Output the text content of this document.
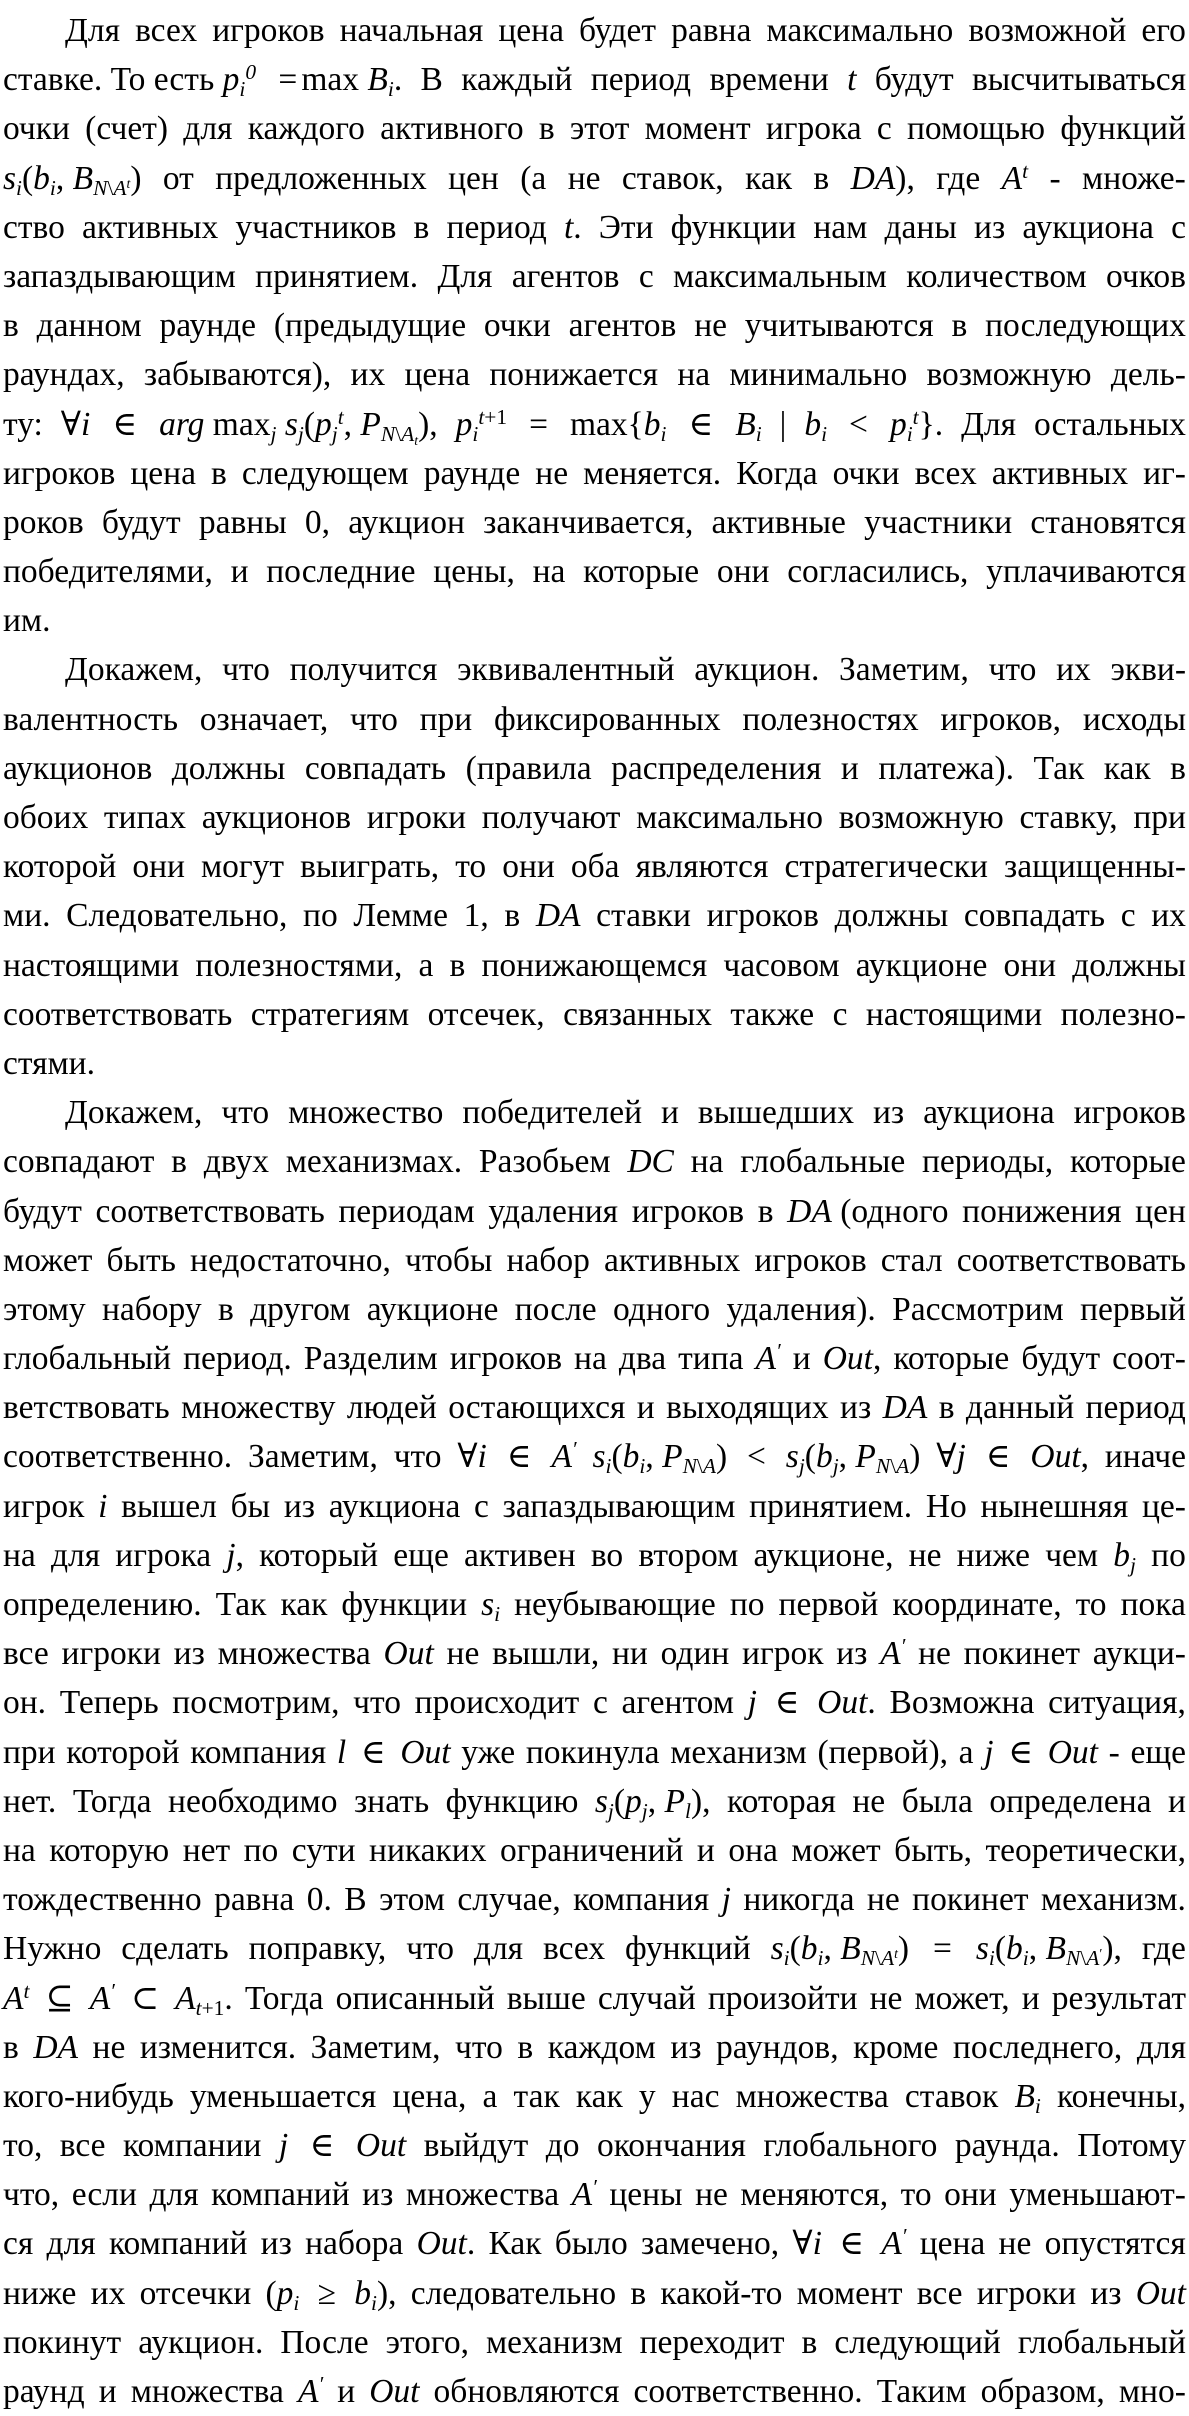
Для всех игроков начальная цена будет равна максимально возможной его
ставке. То есть $p_i^0 = \max B_i$. В каждый период времени t будут высчитываться
очки (счет) для каждого активного в этот момент игрока с помощью функций
$s_i(b_i$, $B_{N\backslash A^t}$) от предложенных цен (а не ставок, как в DA), где $A^t$ - множе-
ство активных участников в период t. Эти функции нам даны из аукциона с
запаздывающим принятием. Для агентов с максимальным количеством очков
в данном раунде (предыдущие очки агентов не учитываются в последующих
раундах, забываются), их цена понижается на минимально возможную дель-
ту: ∀i ∈ arg $\max_j s_j(p_j^t$, $P_{N\backslash A_t}$), $p_i^{t+1} = \max\{b_i$ ∈ $B_i$ | $b_i < p_i^t$}. Для остальных
игроков цена в следующем раунде не меняется. Когда очки всех активных иг-
роков будут равны 0, аукцион заканчивается, активные участники становятся
победителями, и последние цены, на которые они согласились, уплачиваются
им.
Докажем, что получится эквивалентный аукцион. Заметим, что их экви-
валентность означает, что при фиксированных полезностях игроков, исходы
аукционов должны совпадать (правила распределения и платежа). Так как в
обоих типах аукционов игроки получают максимально возможную ставку, при
которой они могут выиграть, то они оба являются стратегически защищенны-
ми. Следовательно, по Лемме 1, в DA ставки игроков должны совпадать с их
настоящими полезностями, а в понижающемся часовом аукционе они должны
соответствовать стратегиям отсечек, связанных также с настоящими полезно-
стями.
Докажем, что множество победителей и вышедших из аукциона игроков
совпадают в двух механизмах. Разобьем DC на глобальные периоды, которые
будут соответствовать периодам удаления игроков в DA (одного понижения цен
может быть недостаточно, чтобы набор активных игроков стал соответствовать
этому набору в другом аукционе после одного удаления). Рассмотрим первый
глобальный период. Разделим игроков на два типа A′ и Out, которые будут соот-
ветствовать множеству людей остающихся и выходящих из DA в данный период
соответственно. Заметим, что ∀i ∈ A′ $s_i(b_i$, $P_{N\backslash A}) < s_j(b_j$, $P_{N\backslash A}$) ∀j ∈ Out, иначе
игрок i вышел бы из аукциона с запаздывающим принятием. Но нынешняя це-
на для игрока j, который еще активен во втором аукционе, не ниже чем $b_j$ по
определению. Так как функции $s_i$ неубывающие по первой координате, то пока
все игроки из множества Out не вышли, ни один игрок из A′ не покинет аукци-
он. Теперь посмотрим, что происходит с агентом j ∈ Out. Возможна ситуация,
при которой компания l ∈ Out уже покинула механизм (первой), а j ∈ Out - еще
нет. Тогда необходимо знать функцию $s_j(p_j$, $P_l$), которая не была определена и
на которую нет по сути никаких ограничений и она может быть, теоретически,
тождественно равна 0. В этом случае, компания j никогда не покинет механизм.
Нужно сделать поправку, что для всех функций $s_i(b_i$, $B_{N\backslash A^t}) = s_i(b_i$, $B_{N\backslash A'}$), где
$A^t$ ⊆ A′ ⊂ $A_{t+1}$. Тогда описанный выше случай произойти не может, и результат
в DA не изменится. Заметим, что в каждом из раундов, кроме последнего, для
кого-нибудь уменьшается цена, а так как у нас множества ставок $B_i$ конечны,
то, все компании j ∈ Out выйдут до окончания глобального раунда. Потому
что, если для компаний из множества A′ цены не меняются, то они уменьшают-
ся для компаний из набора Out. Как было замечено, ∀i ∈ A′ цена не опустятся
ниже их отсечки $(p_i \ge b_i)$, следовательно в какой-то момент все игроки из Out
покинут аукцион. После этого, механизм переходит в следующий глобальный
раунд и множества A′ и Out обновляются соответственно. Таким образом, мно-
